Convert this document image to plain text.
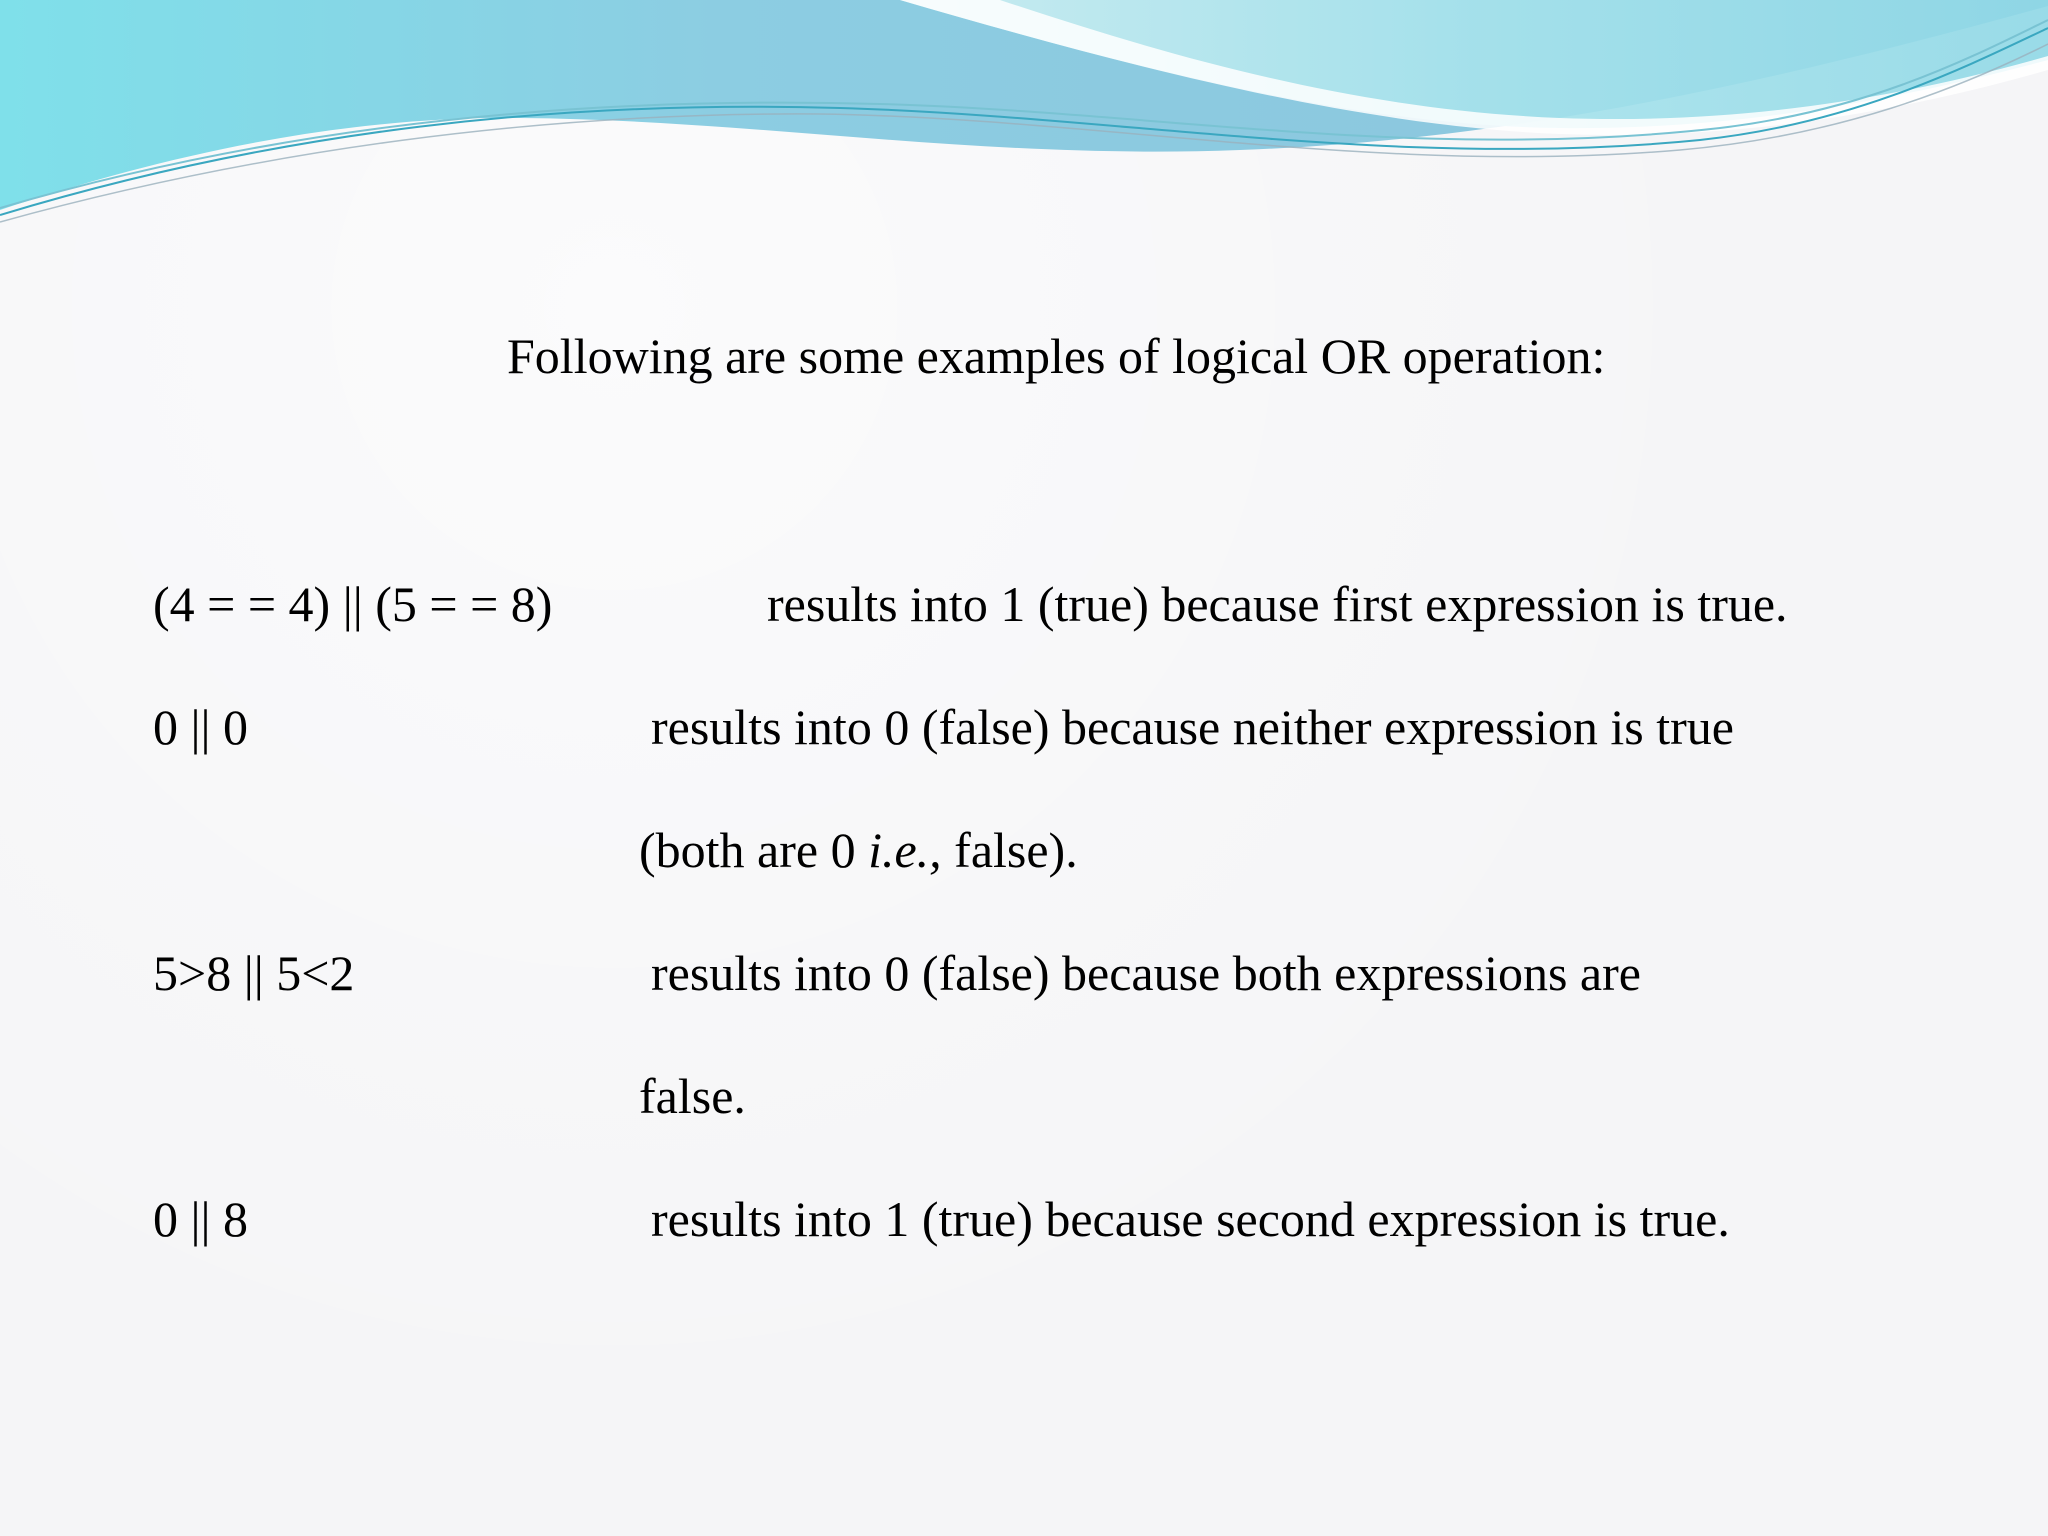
Following are some examples of logical OR operation:
(4 = = 4) || (5 = = 8)	results into 1 (true) because first expression is true.
0 || 0	results into 0 (false) because neither expression is true
(both are 0 i.e., false).
5>8 || 5<2	results into 0 (false) because both expressions are
false.
0 || 8	results into 1 (true) because second expression is true.
